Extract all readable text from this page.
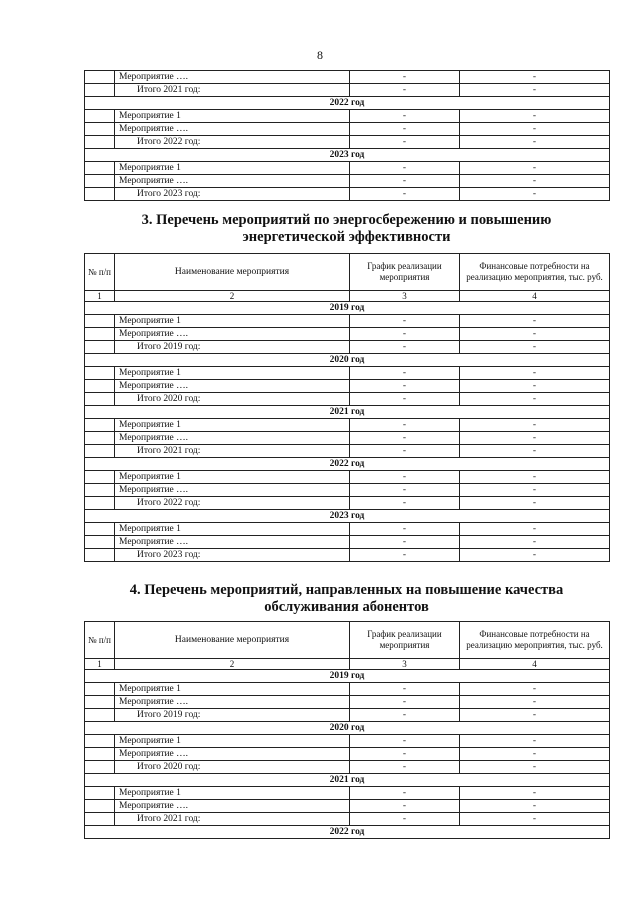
8
	Мероприятие ….	-	-
	Итого 2021 год:	-	-
2022 год			
	Мероприятие 1	-	-
	Мероприятие ….	-	-
	Итого 2022 год:	-	-
2023 год			
	Мероприятие 1	-	-
	Мероприятие ….	-	-
	Итого 2023 год:	-	-
3. Перечень мероприятий по энергосбережению и повышению
энергетической эффективности
№ п/п	Наименование мероприятия	График реализации мероприятия	Финансовые потребности на реализацию мероприятия, тыс. руб.
1	2	3	4
2019 год			
	Мероприятие 1	-	-
	Мероприятие ….	-	-
	Итого 2019 год:	-	-
2020 год			
	Мероприятие 1	-	-
	Мероприятие ….	-	-
	Итого 2020 год:	-	-
2021 год			
	Мероприятие 1	-	-
	Мероприятие ….	-	-
	Итого 2021 год:	-	-
2022 год			
	Мероприятие 1	-	-
	Мероприятие ….	-	-
	Итого 2022 год:	-	-
2023 год			
	Мероприятие 1	-	-
	Мероприятие ….	-	-
	Итого 2023 год:	-	-
4. Перечень мероприятий, направленных на повышение качества
обслуживания абонентов
№ п/п	Наименование мероприятия	График реализации мероприятия	Финансовые потребности на реализацию мероприятия, тыс. руб.
1	2	3	4
2019 год			
	Мероприятие 1	-	-
	Мероприятие ….	-	-
	Итого 2019 год:	-	-
2020 год			
	Мероприятие 1	-	-
	Мероприятие ….	-	-
	Итого 2020 год:	-	-
2021 год			
	Мероприятие 1	-	-
	Мероприятие ….	-	-
	Итого 2021 год:	-	-
2022 год			
